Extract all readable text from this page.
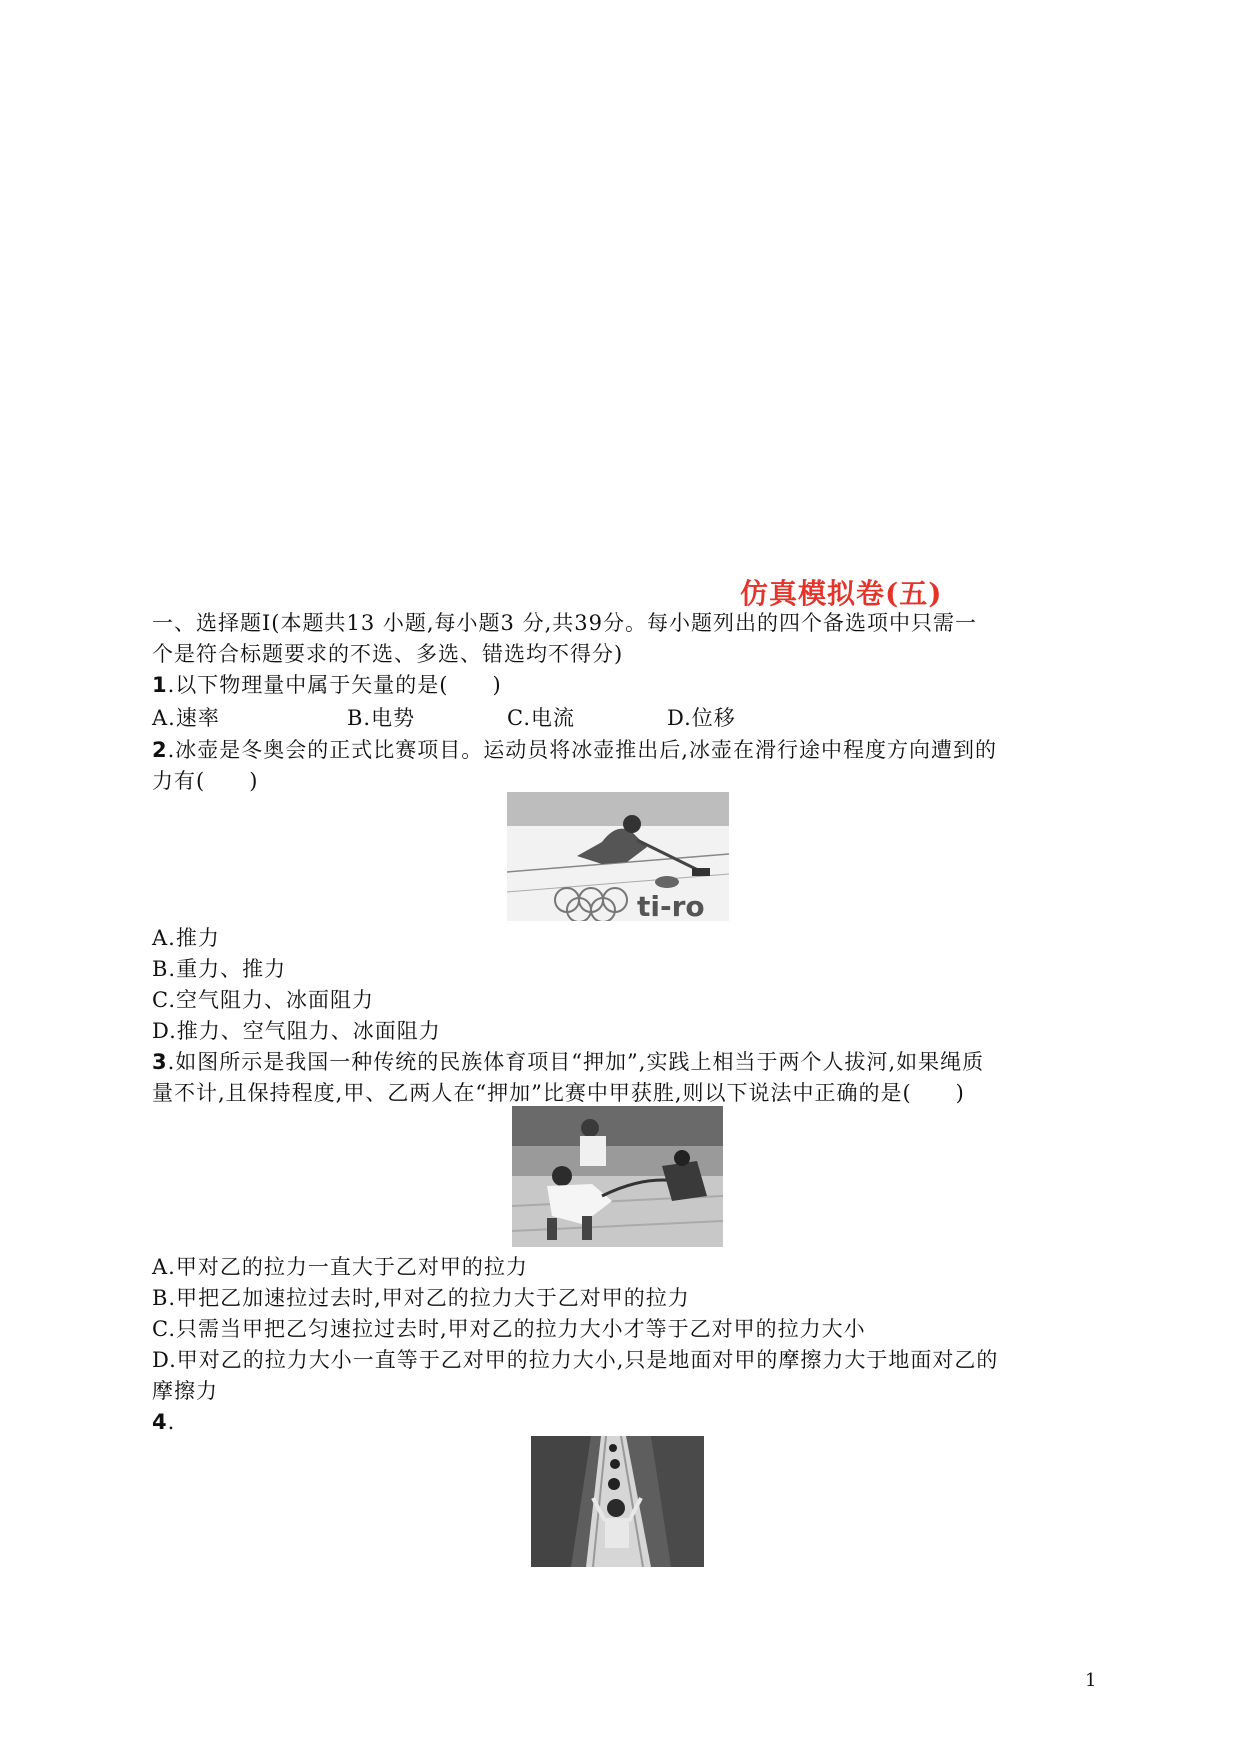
仿真模拟卷(五)
一、选择题Ⅰ(本题共13 小题,每小题3 分,共39分。每小题列出的四个备选项中只需一
个是符合标题要求的不选、多选、错选均不得分)
1.以下物理量中属于矢量的是(　　)
A.速率	B.电势	C.电流	D.位移
2.冰壶是冬奥会的正式比赛项目。运动员将冰壶推出后,冰壶在滑行途中程度方向遭到的
力有(　　)
ti-ro
A.推力
B.重力、推力
C.空气阻力、冰面阻力
D.推力、空气阻力、冰面阻力
3.如图所示是我国一种传统的民族体育项目“押加”,实践上相当于两个人拔河,如果绳质
量不计,且保持程度,甲、乙两人在“押加”比赛中甲获胜,则以下说法中正确的是(　　)
A.甲对乙的拉力一直大于乙对甲的拉力
B.甲把乙加速拉过去时,甲对乙的拉力大于乙对甲的拉力
C.只需当甲把乙匀速拉过去时,甲对乙的拉力大小才等于乙对甲的拉力大小
D.甲对乙的拉力大小一直等于乙对甲的拉力大小,只是地面对甲的摩擦力大于地面对乙的
摩擦力
4.
1
